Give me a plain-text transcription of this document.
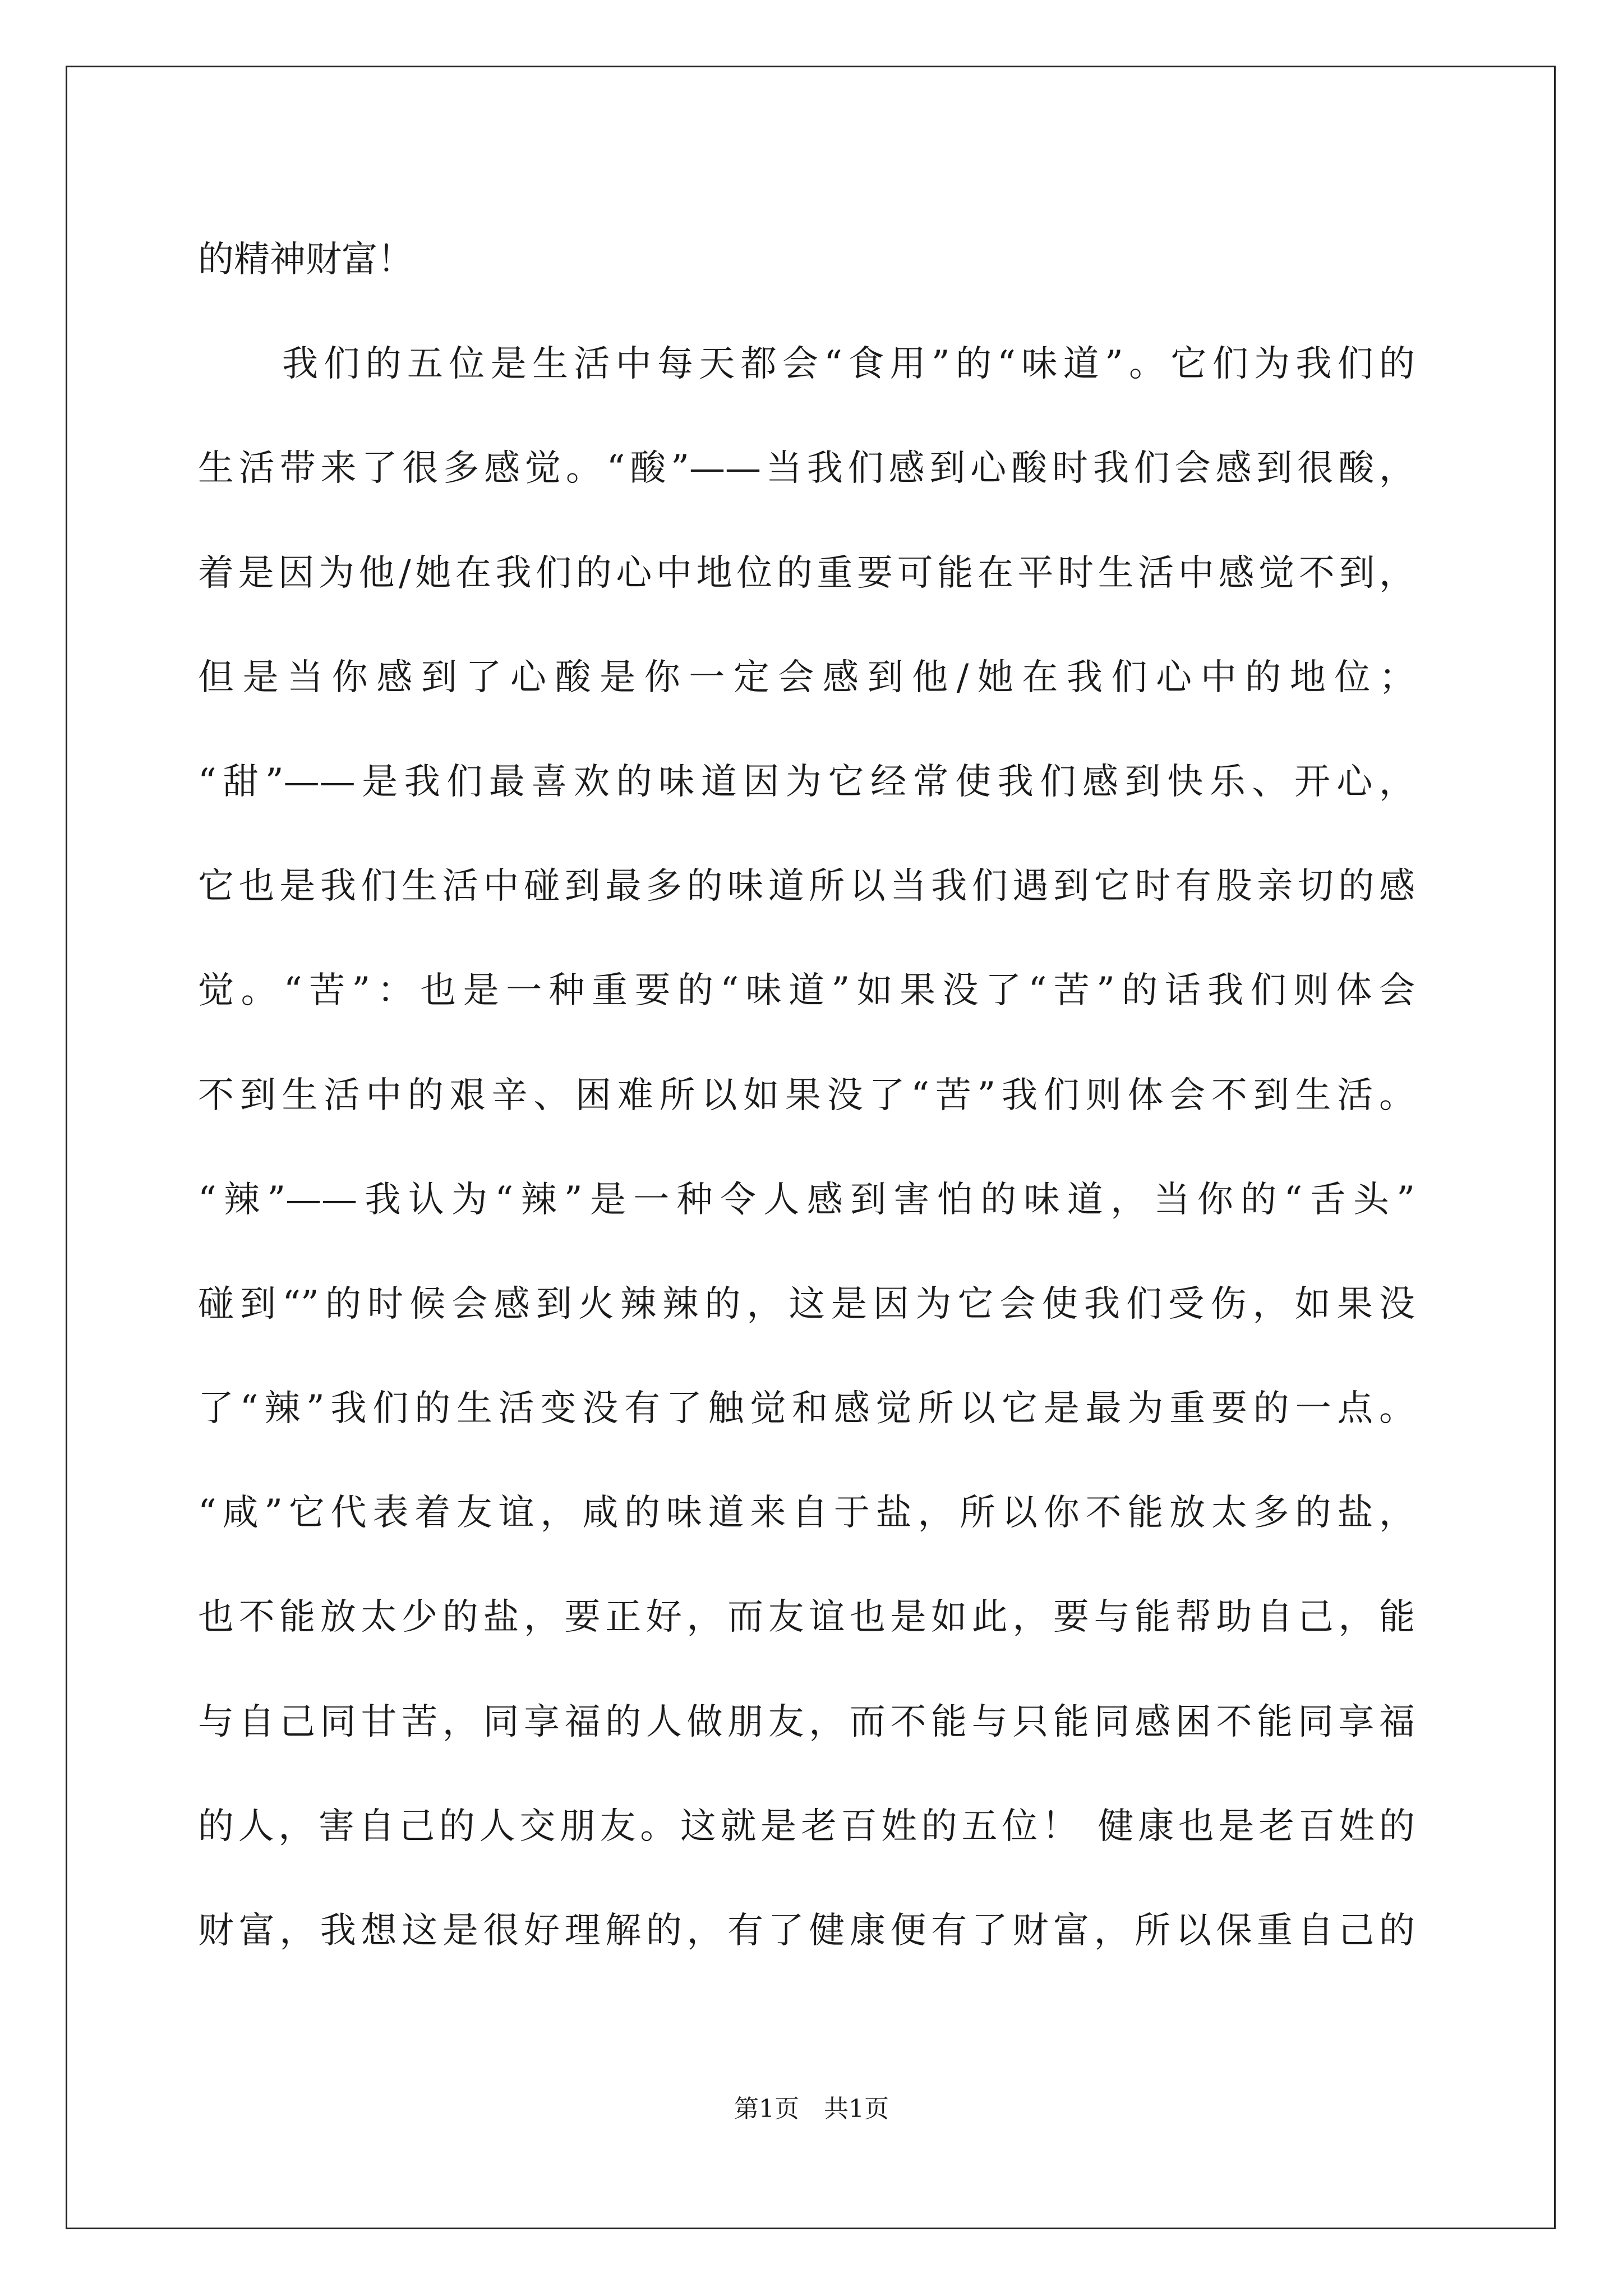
的精神财富！
我们的五位是生活中每天都会“食用”的“味道”。它们为我们的
生活带来了很多感觉。“酸”——当我们感到心酸时我们会感到很酸，
着是因为他/她在我们的心中地位的重要可能在平时生活中感觉不到，
但是当你感到了心酸是你一定会感到他/她在我们心中的地位；
“甜”——是我们最喜欢的味道因为它经常使我们感到快乐、开心，
它也是我们生活中碰到最多的味道所以当我们遇到它时有股亲切的感
觉。“苦”：也是一种重要的“味道”如果没了“苦”的话我们则体会
不到生活中的艰辛、困难所以如果没了“苦”我们则体会不到生活。
“辣”——我认为“辣”是一种令人感到害怕的味道，当你的“舌头”
碰到“”的时候会感到火辣辣的，这是因为它会使我们受伤，如果没
了“辣”我们的生活变没有了触觉和感觉所以它是最为重要的一点。
“咸”它代表着友谊，咸的味道来自于盐，所以你不能放太多的盐，
也不能放太少的盐，要正好，而友谊也是如此，要与能帮助自己，能
与自己同甘苦，同享福的人做朋友，而不能与只能同感困不能同享福
的人，害自己的人交朋友。这就是老百姓的五位！ 健康也是老百姓的
财富，我想这是很好理解的，有了健康便有了财富，所以保重自己的
第1页 共1页
